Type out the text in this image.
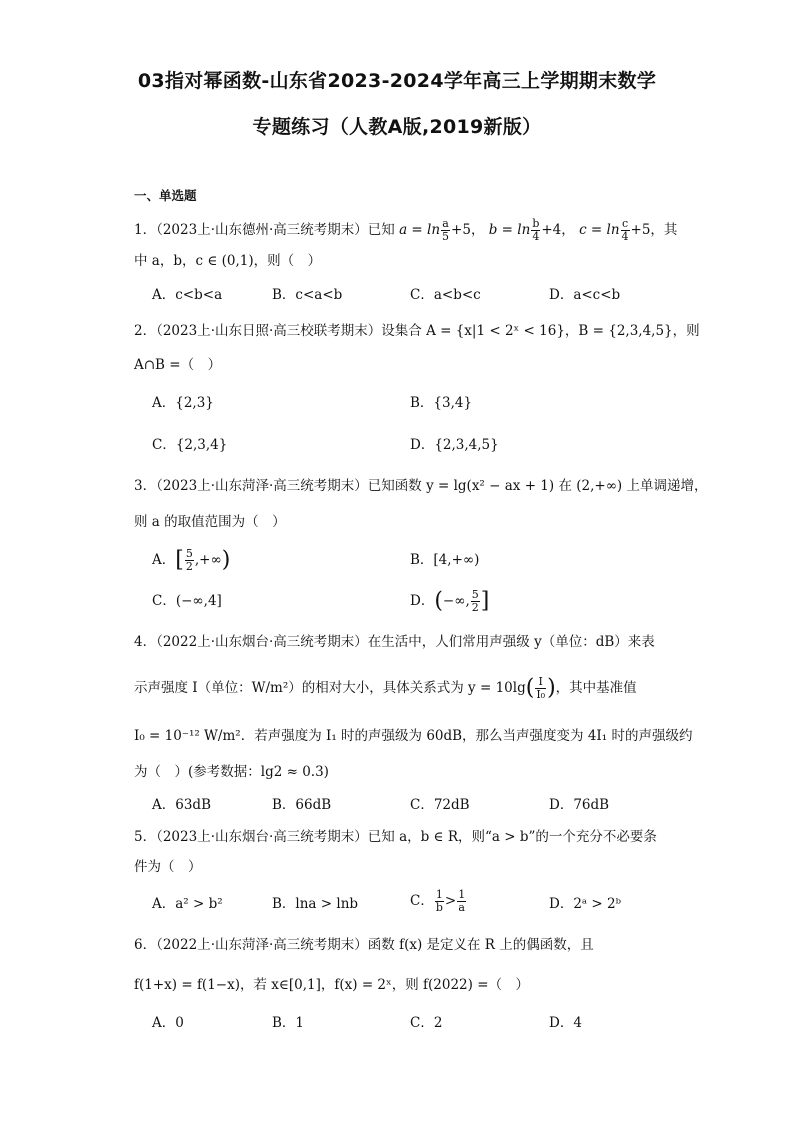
03指对幂函数-山东省2023-2024学年高三上学期期末数学
专题练习（人教A版,2019新版）
一、单选题
1．（2023上·山东德州·高三统考期末）已知 $a = \ln \frac{a}{5} +5$， $b = \ln \frac{b}{4} +4$， $c = \ln \frac{c}{4} +5$，其
中 a，b，c ∈ (0,1)，则（　）
A．c<b<a	B．c<a<b	C．a<b<c	D．a<c<b
2．（2023上·山东日照·高三校联考期末）设集合 A = {x|1 < 2ˣ < 16}，B = {2,3,4,5}，则
A∩B =（　）
A．{2,3}	B．{3,4}
C．{2,3,4}	D．{2,3,4,5}
3．（2023上·山东菏泽·高三统考期末）已知函数 y = lg(x² − ax + 1) 在 (2,+∞) 上单调递增，
则 a 的取值范围为（　）
A．[ $\frac{5}{2}$ ,+∞)	B．[4,+∞)
C．(−∞,4]	D．(−∞, $\frac{5}{2}$ ]
4．（2022上·山东烟台·高三统考期末）在生活中，人们常用声强级 y（单位：dB）来表
示声强度 I（单位：W/m²）的相对大小，具体关系式为 $y = 10\lg( \frac{I}{\text{I₀}}$ )，其中基准值
I₀ = 10⁻¹² W/m²．若声强度为 I₁ 时的声强级为 60dB，那么当声强度变为 4I₁ 时的声强级约
为（　）(参考数据：lg2 ≈ 0.3)
A．63dB	B．66dB	C．72dB	D．76dB
5．（2023上·山东烟台·高三统考期末）已知 a，b ∈ R，则“a > b”的一个充分不必要条
件为（　）
A．a² > b²	B．lna > lnb	C． $\frac{1}{b} > \frac{1}{a}$	D．2ᵃ > 2ᵇ
6．（2022上·山东菏泽·高三统考期末）函数 f(x) 是定义在 R 上的偶函数，且
f(1+x) = f(1−x)，若 x∈[0,1]，f(x) = 2ˣ，则 f(2022) =（　）
A．0	B．1	C．2	D．4
